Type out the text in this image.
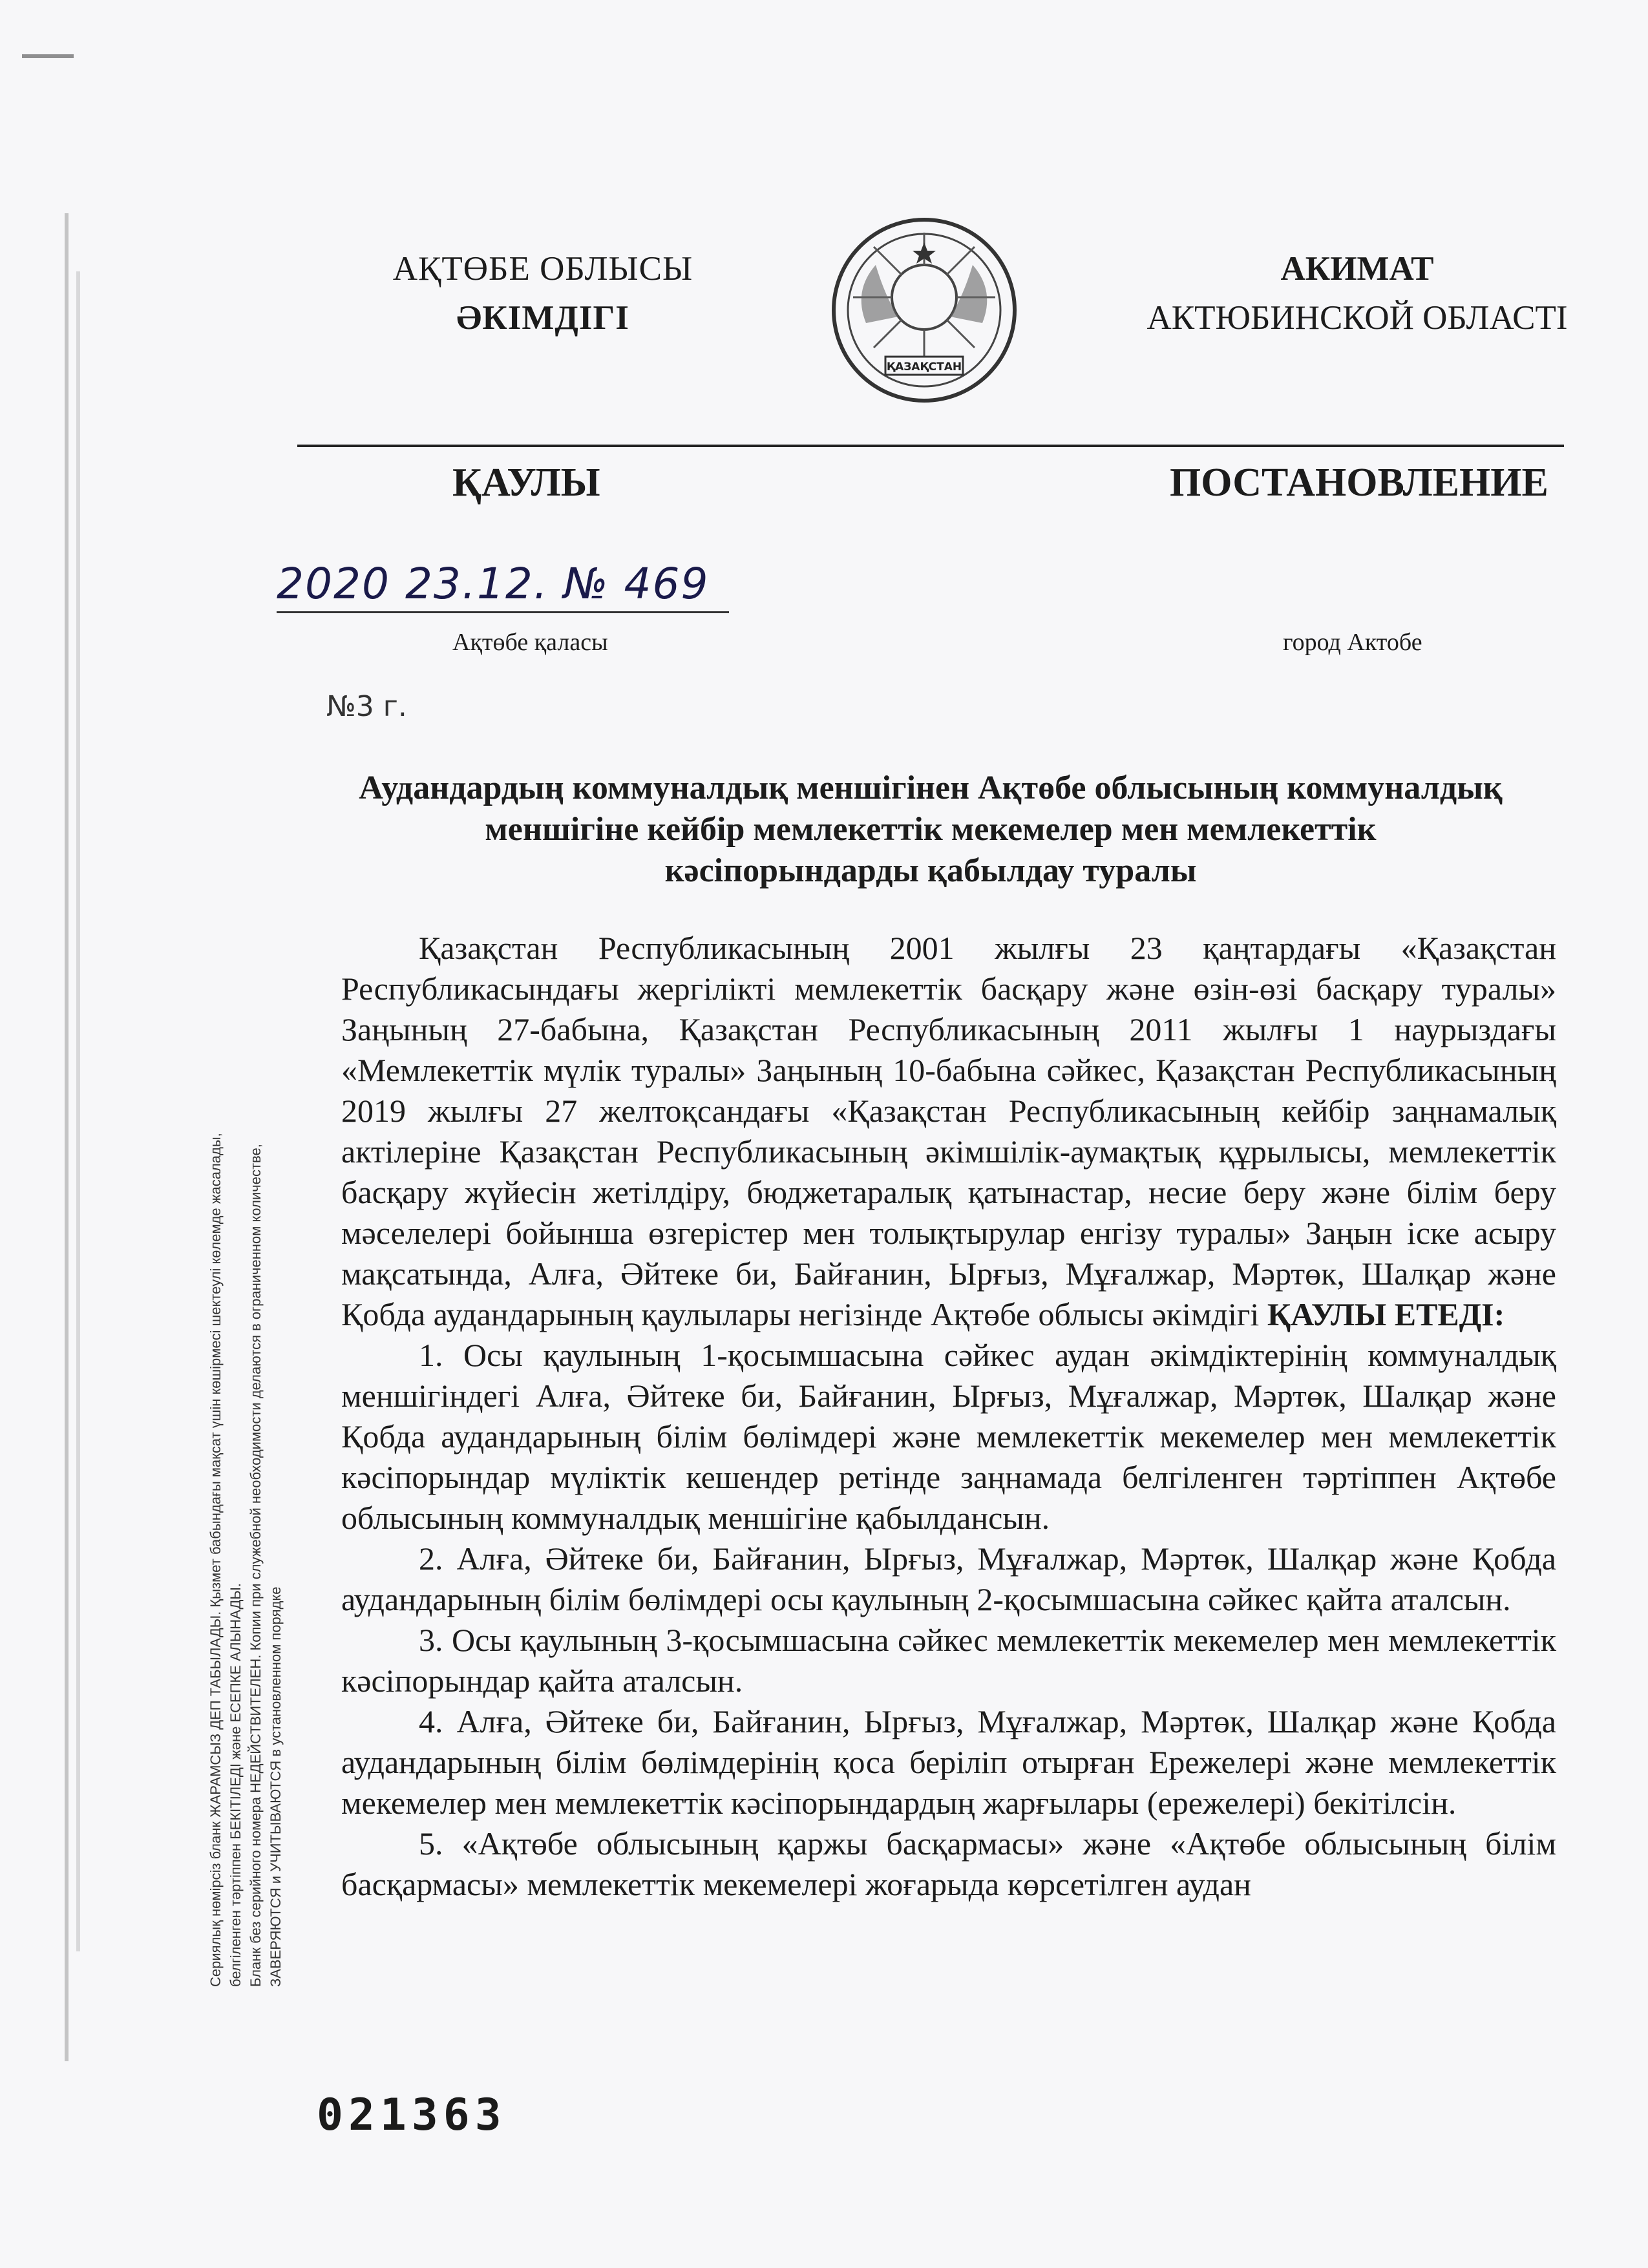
АҚТӨБЕ ОБЛЫСЫ
ӘКІМДІГІ
ҚАЗАҚСТАН
АКИМАТ
АКТЮБИНСКОЙ ОБЛАСТІ
ҚАУЛЫ	ПОСТАНОВЛЕНИЕ
2020 23.12. № 469
Ақтөбе қаласы	город Актобе
№3 г.
Аудандардың коммуналдық меншігінен Ақтөбе облысының коммуналдық
меншігіне кейбір мемлекеттік мекемелер мен мемлекеттік
кәсіпорындарды қабылдау туралы

Қазақстан Республикасының 2001 жылғы 23 қаңтардағы «Қазақстан Республикасындағы жергілікті мемлекеттік басқару және өзін-өзі басқару туралы» Заңының 27-бабына, Қазақстан Республикасының 2011 жылғы 1 наурыздағы «Мемлекеттік мүлік туралы» Заңының 10-бабына сәйкес, Қазақстан Республикасының 2019 жылғы 27 желтоқсандағы «Қазақстан Республикасының кейбір заңнамалық актілеріне Қазақстан Республикасының әкімшілік-аумақтық құрылысы, мемлекеттік басқару жүйесін жетілдіру, бюджетаралық қатынастар, несие беру және білім беру мәселелері бойынша өзгерістер мен толықтырулар енгізу туралы» Заңын іске асыру мақсатында, Алға, Әйтеке би, Байғанин, Ырғыз, Мұғалжар, Мәртөк, Шалқар және Қобда аудандарының қаулылары негізінде Ақтөбе облысы әкімдігі ҚАУЛЫ ЕТЕДІ:

1. Осы қаулының 1-қосымшасына сәйкес аудан әкімдіктерінің коммуналдық меншігіндегі Алға, Әйтеке би, Байғанин, Ырғыз, Мұғалжар, Мәртөк, Шалқар және Қобда аудандарының білім бөлімдері және мемлекеттік мекемелер мен мемлекеттік кәсіпорындар мүліктік кешендер ретінде заңнамада белгіленген тәртіппен Ақтөбе облысының коммуналдық меншігіне қабылдансын.

2. Алға, Әйтеке би, Байғанин, Ырғыз, Мұғалжар, Мәртөк, Шалқар және Қобда аудандарының білім бөлімдері осы қаулының 2-қосымшасына сәйкес қайта аталсын.

3. Осы қаулының 3-қосымшасына сәйкес мемлекеттік мекемелер мен мемлекеттік кәсіпорындар қайта аталсын.

4. Алға, Әйтеке би, Байғанин, Ырғыз, Мұғалжар, Мәртөк, Шалқар және Қобда аудандарының білім бөлімдерінің қоса беріліп отырған Ережелері және мемлекеттік мекемелер мен мемлекеттік кәсіпорындардың жарғылары (ережелері) бекітілсін.

5. «Ақтөбе облысының қаржы басқармасы» және «Ақтөбе облысының білім басқармасы» мемлекеттік мекемелері жоғарыда көрсетілген аудан

Сериялық нөмірсіз бланк ЖАРАМСЫЗ ДЕП ТАБЫЛАДЫ. Қызмет бабындағы мақсат үшін көшірмесі шектеулі көлемде жасалады, белгіленген тәртіппен БЕКІТІЛЕДІ және ЕСЕПКЕ АЛЫНАДЫ. Бланк без серийного номера НЕДЕЙСТВИТЕЛЕН. Копии при служебной необходимости делаются в ограниченном количестве, ЗАВЕРЯЮТСЯ и УЧИТЫВАЮТСЯ в установленном порядке
021363
